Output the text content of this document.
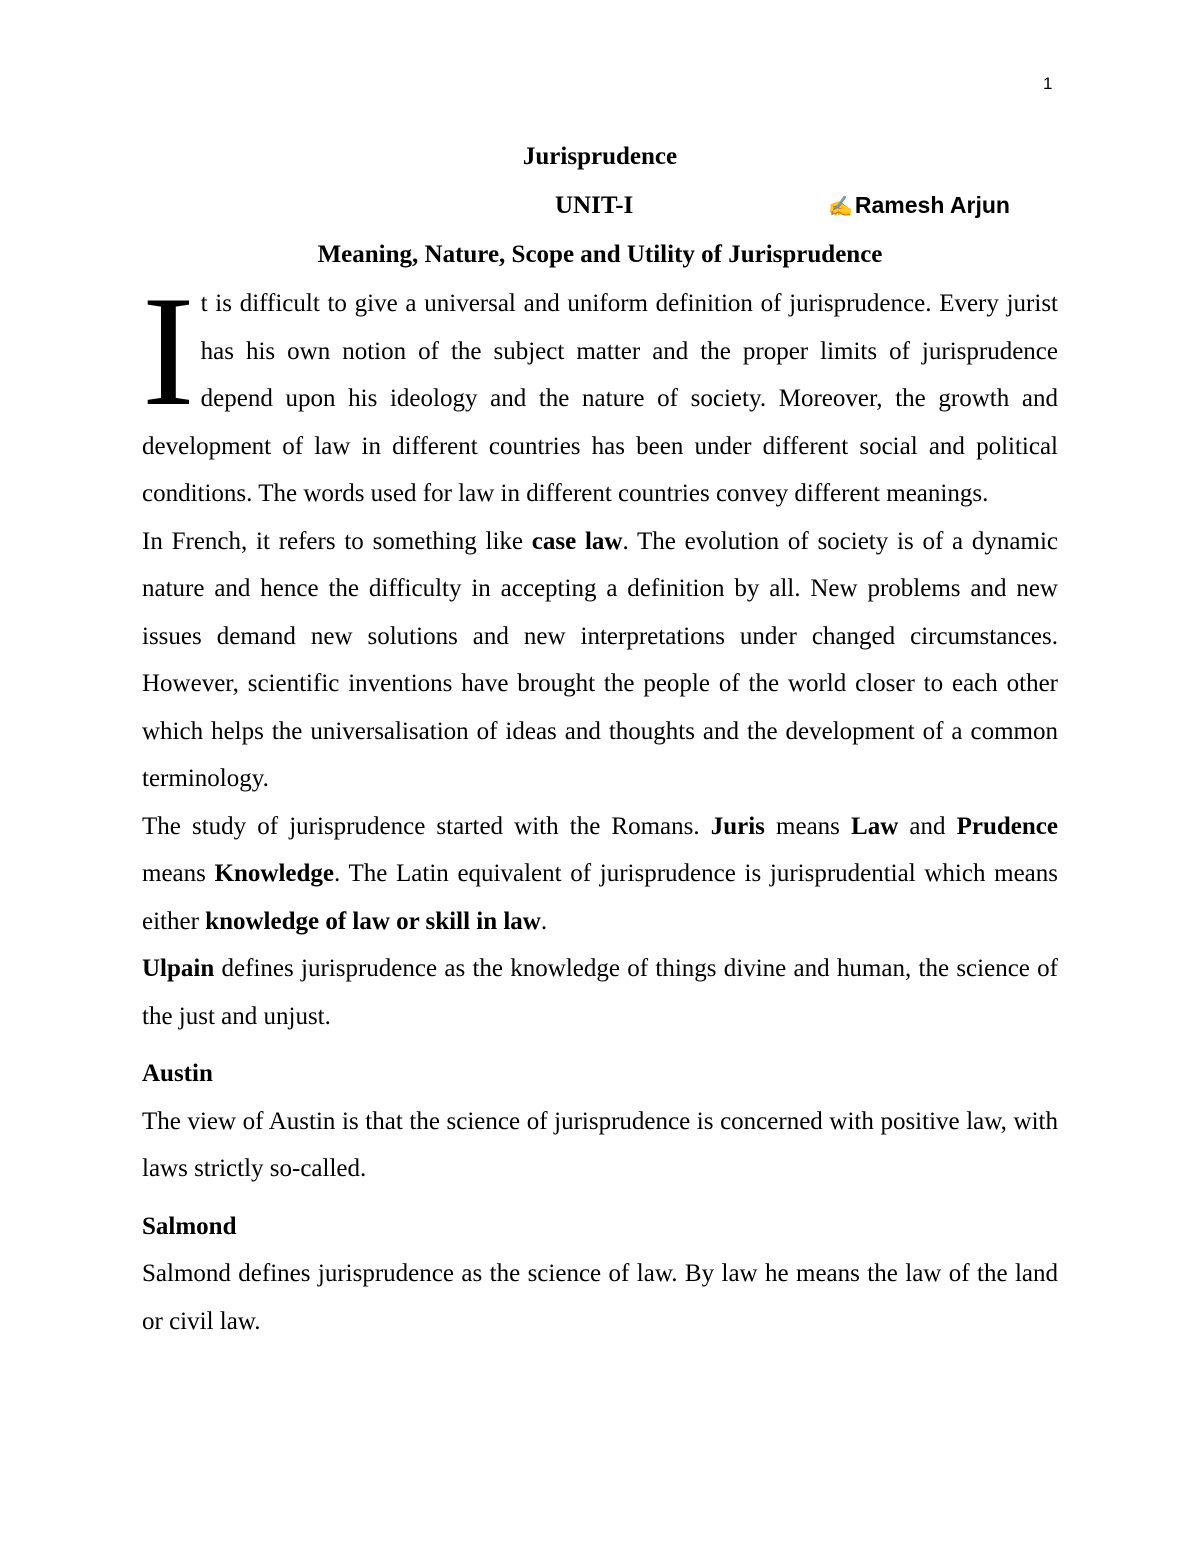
1
Jurisprudence
UNIT-I	✍Ramesh Arjun
Meaning, Nature, Scope and Utility of Jurisprudence

It is difficult to give a universal and uniform definition of jurisprudence. Every jurist has his own notion of the subject matter and the proper limits of jurisprudence depend upon his ideology and the nature of society. Moreover, the growth and development of law in different countries has been under different social and political conditions. The words used for law in different countries convey different meanings.

In French, it refers to something like case law. The evolution of society is of a dynamic nature and hence the difficulty in accepting a definition by all. New problems and new issues demand new solutions and new interpretations under changed circumstances. However, scientific inventions have brought the people of the world closer to each other which helps the universalisation of ideas and thoughts and the development of a common terminology.

The study of jurisprudence started with the Romans. Juris means Law and Prudence means Knowledge. The Latin equivalent of jurisprudence is jurisprudential which means either knowledge of law or skill in law.

Ulpain defines jurisprudence as the knowledge of things divine and human, the science of the just and unjust.

Austin

The view of Austin is that the science of jurisprudence is concerned with positive law, with laws strictly so-called.

Salmond

Salmond defines jurisprudence as the science of law. By law he means the law of the land or civil law.
